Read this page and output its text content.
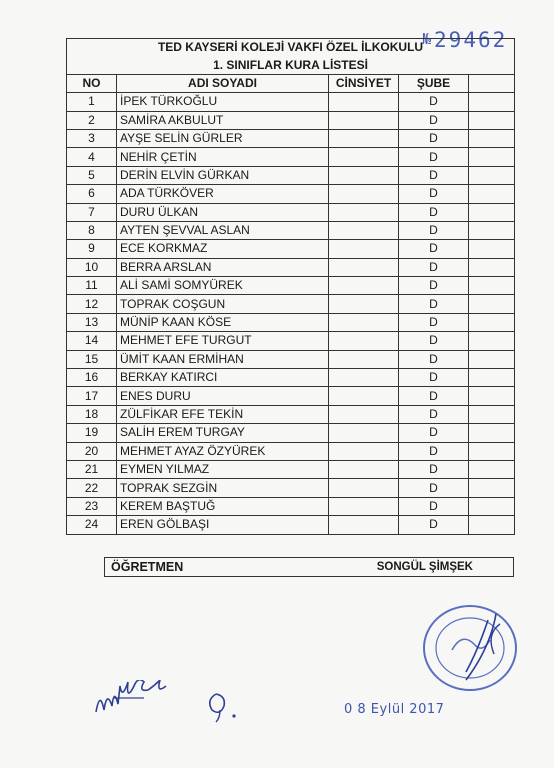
№ 29462
TED KAYSERİ KOLEJİ VAKFI ÖZEL İLKOKULU				
1. SINIFLAR KURA LİSTESİ				
NO	ADI SOYADI	CİNSİYET	ŞUBE	
1	İPEK TÜRKOĞLU		D	
2	SAMİRA AKBULUT		D	
3	AYŞE SELİN GÜRLER		D	
4	NEHİR ÇETİN		D	
5	DERİN ELVİN GÜRKAN		D	
6	ADA TÜRKÖVER		D	
7	DURU ÜLKAN		D	
8	AYTEN ŞEVVAL ASLAN		D	
9	ECE KORKMAZ		D	
10	BERRA ARSLAN		D	
11	ALİ SAMİ SOMYÜREK		D	
12	TOPRAK COŞGUN		D	
13	MÜNİP KAAN KÖSE		D	
14	MEHMET EFE TURGUT		D	
15	ÜMİT KAAN ERMİHAN		D	
16	BERKAY KATIRCI		D	
17	ENES DURU		D	
18	ZÜLFİKAR EFE TEKİN		D	
19	SALİH EREM TURGAY		D	
20	MEHMET AYAZ ÖZYÜREK		D	
21	EYMEN YILMAZ		D	
22	TOPRAK SEZGİN		D	
23	KEREM BAŞTUĞ		D	
24	EREN GÖLBAŞI		D	
ÖĞRETMEN	SONGÜL ŞİMŞEK
0 8 Eylül 2017
